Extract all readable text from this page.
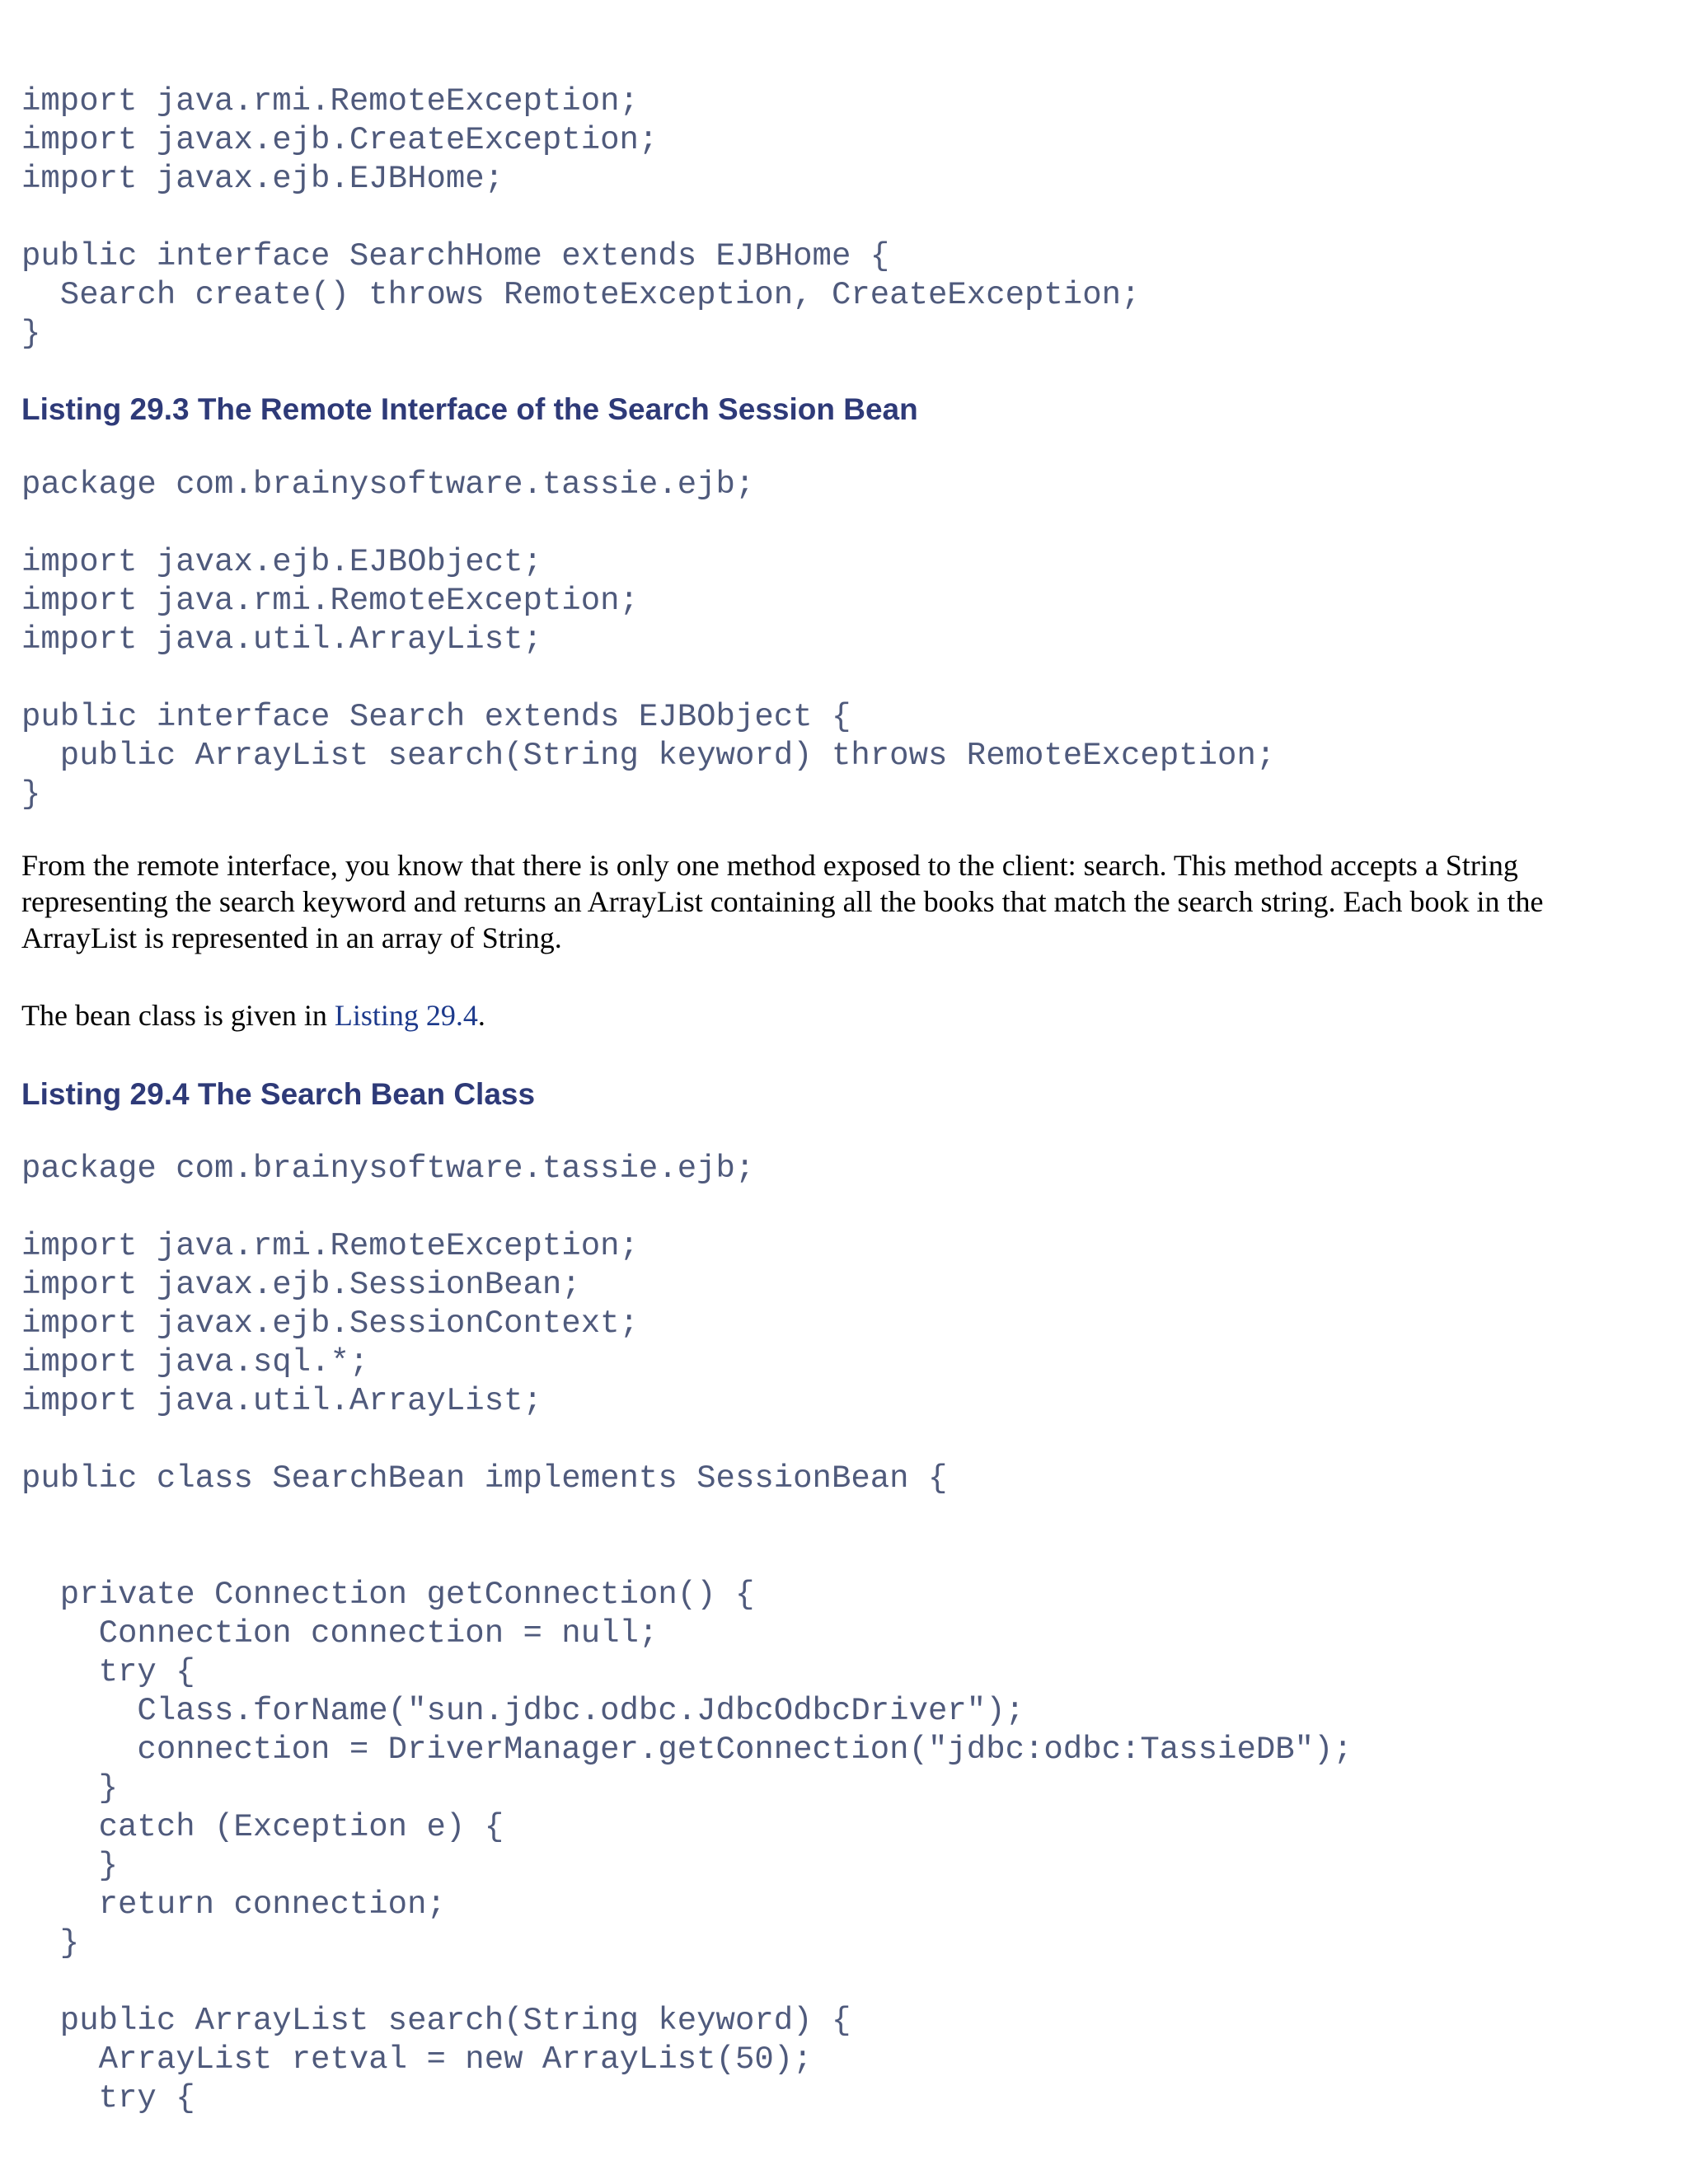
import java.rmi.RemoteException;
import javax.ejb.CreateException;
import javax.ejb.EJBHome;
public interface SearchHome extends EJBHome {
Search create() throws RemoteException, CreateException;
}
Listing 29.3 The Remote Interface of the Search Session Bean
package com.brainysoftware.tassie.ejb;
import javax.ejb.EJBObject;
import java.rmi.RemoteException;
import java.util.ArrayList;
public interface Search extends EJBObject {
public ArrayList search(String keyword) throws RemoteException;
}

From the remote interface, you know that there is only one method exposed to the client: search. This method accepts a String representing the search keyword and returns an ArrayList containing all the books that match the search string. Each book in the ArrayList is represented in an array of String.

The bean class is given in Listing 29.4.

Listing 29.4 The Search Bean Class
package com.brainysoftware.tassie.ejb;
import java.rmi.RemoteException;
import javax.ejb.SessionBean;
import javax.ejb.SessionContext;
import java.sql.*;
import java.util.ArrayList;
public class SearchBean implements SessionBean {
private Connection getConnection() {
Connection connection = null;
try {
Class.forName("sun.jdbc.odbc.JdbcOdbcDriver");
connection = DriverManager.getConnection("jdbc:odbc:TassieDB");
}
catch (Exception e) {
}
return connection;
}
public ArrayList search(String keyword) {
ArrayList retval = new ArrayList(50);
try {
